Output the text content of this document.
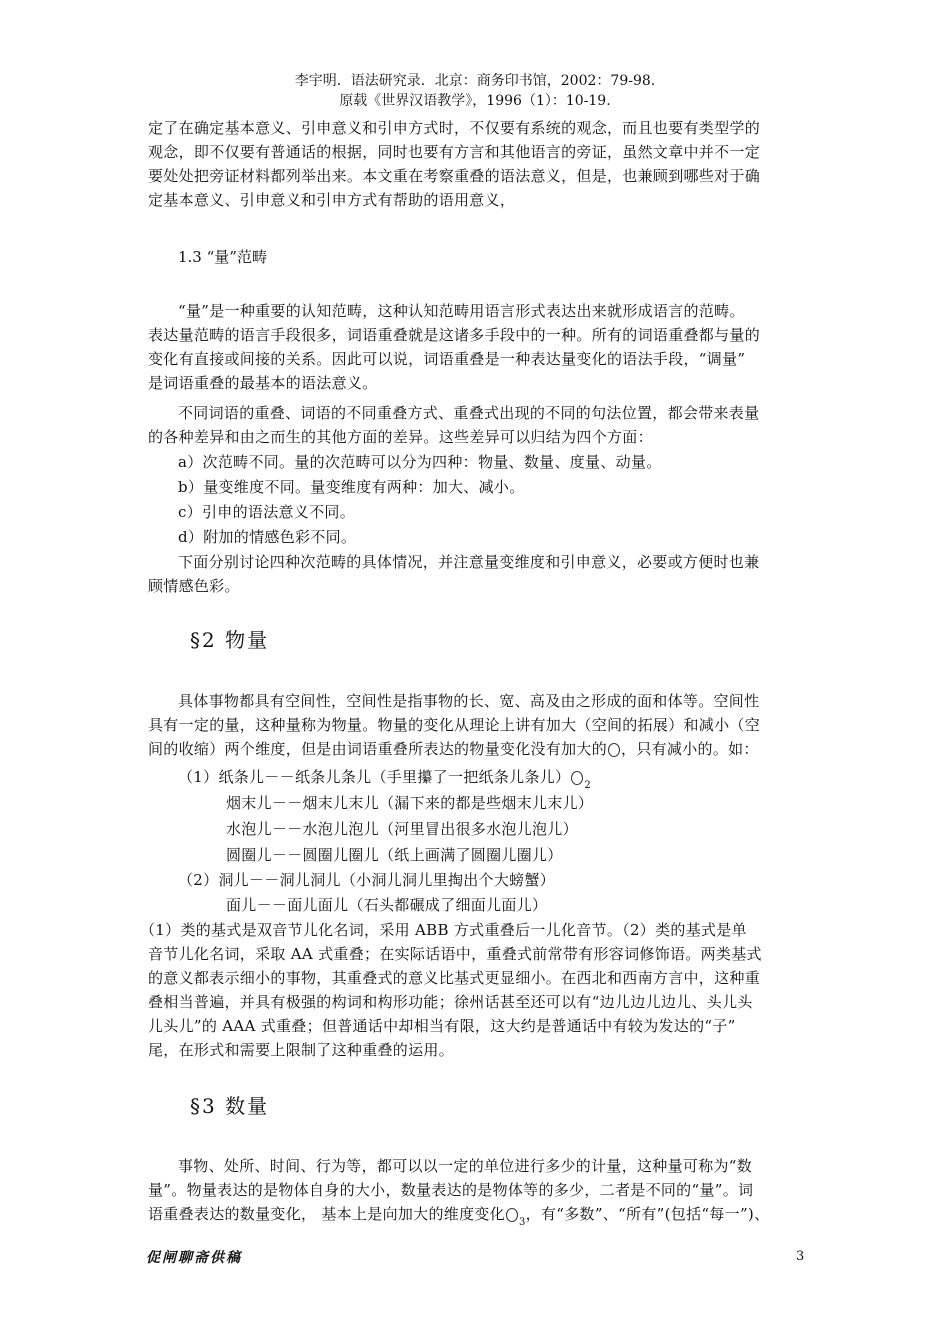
李宇明．语法研究录．北京：商务印书馆，2002：79-98.
原载《世界汉语教学》，1996（1）：10-19.
定了在确定基本意义、引申意义和引申方式时，不仅要有系统的观念，而且也要有类型学的
观念，即不仅要有普通话的根据，同时也要有方言和其他语言的旁证，虽然文章中并不一定
要处处把旁证材料都列举出来。本文重在考察重叠的语法意义，但是，也兼顾到哪些对于确
定基本意义、引申意义和引申方式有帮助的语用意义，
1.3 “量”范畴
“量”是一种重要的认知范畴，这种认知范畴用语言形式表达出来就形成语言的范畴。
表达量范畴的语言手段很多，词语重叠就是这诸多手段中的一种。所有的词语重叠都与量的
变化有直接或间接的关系。因此可以说，词语重叠是一种表达量变化的语法手段，“调量”
是词语重叠的最基本的语法意义。
不同词语的重叠、词语的不同重叠方式、重叠式出现的不同的句法位置，都会带来表量
的各种差异和由之而生的其他方面的差异。这些差异可以归结为四个方面：
a）次范畴不同。量的次范畴可以分为四种：物量、数量、度量、动量。
b）量变维度不同。量变维度有两种：加大、减小。
c）引申的语法意义不同。
d）附加的情感色彩不同。
下面分别讨论四种次范畴的具体情况，并注意量变维度和引申意义，必要或方便时也兼
顾情感色彩。
§2 物量
具体事物都具有空间性，空间性是指事物的长、宽、高及由之形成的面和体等。空间性
具有一定的量，这种量称为物量。物量的变化从理论上讲有加大（空间的拓展）和减小（空
间的收缩）两个维度，但是由词语重叠所表达的物量变化没有加大的 ，只有减小的。如：
（1）纸条儿－－纸条儿条儿（手里攥了一把纸条儿条儿） $_2$
烟末儿－－烟末儿末儿（漏下来的都是些烟末儿末儿）
水泡儿－－水泡儿泡儿（河里冒出很多水泡儿泡儿）
圆圈儿－－圆圈儿圈儿（纸上画满了圆圈儿圈儿）
（2）洞儿－－洞儿洞儿（小洞儿洞儿里掏出个大螃蟹）
面儿－－面儿面儿（石头都碾成了细面儿面儿）
（1）类的基式是双音节儿化名词，采用 ABB 方式重叠后一儿化音节。（2）类的基式是单
音节儿化名词，采取 AA 式重叠；在实际话语中，重叠式前常带有形容词修饰语。两类基式
的意义都表示细小的事物，其重叠式的意义比基式更显细小。在西北和西南方言中，这种重
叠相当普遍，并具有极强的构词和构形功能；徐州话甚至还可以有“边儿边儿边儿、头儿头
儿头儿”的 AAA 式重叠；但普通话中却相当有限，这大约是普通话中有较为发达的“子”
尾，在形式和需要上限制了这种重叠的运用。
§3 数量
事物、处所、时间、行为等，都可以以一定的单位进行多少的计量，这种量可称为“数
量”。物量表达的是物体自身的大小，数量表达的是物体等的多少，二者是不同的“量”。词
语重叠表达的数量变化， 基本上是向加大的维度变化 $_3$，有“多数”、“所有”(包括“每一”)、
促闸聊斋供稿	3
